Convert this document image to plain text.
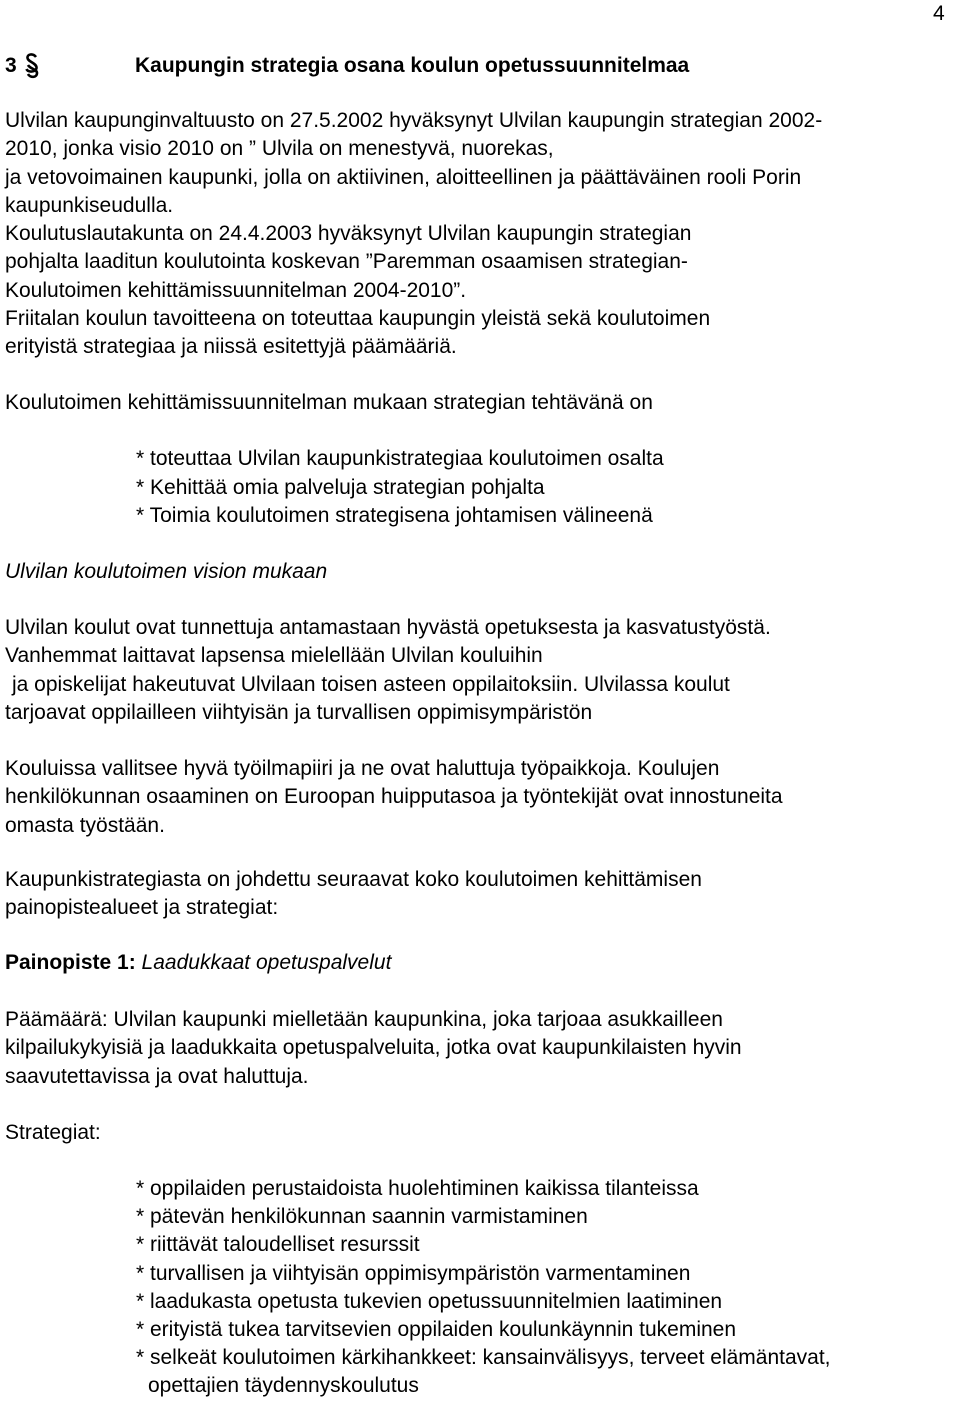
4
3	Kaupungin strategia osana koulun opetussuunnitelmaa
Ulvilan kaupunginvaltuusto on 27.5.2002 hyväksynyt Ulvilan kaupungin strategian 2002-
2010, jonka visio 2010 on ” Ulvila on menestyvä, nuorekas,
ja vetovoimainen kaupunki, jolla on aktiivinen, aloitteellinen ja päättäväinen rooli Porin
kaupunkiseudulla.
Koulutuslautakunta on 24.4.2003 hyväksynyt Ulvilan kaupungin strategian
pohjalta laaditun koulutointa koskevan ”Paremman osaamisen strategian-
Koulutoimen kehittämissuunnitelman 2004-2010”.
Friitalan koulun tavoitteena on toteuttaa kaupungin yleistä sekä koulutoimen
erityistä strategiaa ja niissä esitettyjä päämääriä.
Koulutoimen kehittämissuunnitelman mukaan strategian tehtävänä on
* toteuttaa Ulvilan kaupunkistrategiaa koulutoimen osalta
* Kehittää omia palveluja strategian pohjalta
* Toimia koulutoimen strategisena johtamisen välineenä
Ulvilan koulutoimen vision mukaan
Ulvilan koulut ovat tunnettuja antamastaan hyvästä opetuksesta ja kasvatustyöstä.
Vanhemmat laittavat lapsensa mielellään Ulvilan kouluihin
ja opiskelijat hakeutuvat Ulvilaan toisen asteen oppilaitoksiin. Ulvilassa koulut
tarjoavat oppilailleen viihtyisän ja turvallisen oppimisympäristön
Kouluissa vallitsee hyvä työilmapiiri ja ne ovat haluttuja työpaikkoja. Koulujen
henkilökunnan osaaminen on Euroopan huipputasoa ja työntekijät ovat innostuneita
omasta työstään.
Kaupunkistrategiasta on johdettu seuraavat koko koulutoimen kehittämisen
painopistealueet ja strategiat:
Painopiste 1: Laadukkaat opetuspalvelut
Päämäärä: Ulvilan kaupunki mielletään kaupunkina, joka tarjoaa asukkailleen
kilpailukykyisiä ja laadukkaita opetuspalveluita, jotka ovat kaupunkilaisten hyvin
saavutettavissa ja ovat haluttuja.
Strategiat:
* oppilaiden perustaidoista huolehtiminen kaikissa tilanteissa
* pätevän henkilökunnan saannin varmistaminen
* riittävät taloudelliset resurssit
* turvallisen ja viihtyisän oppimisympäristön varmentaminen
* laadukasta opetusta tukevien opetussuunnitelmien laatiminen
* erityistä tukea tarvitsevien oppilaiden koulunkäynnin tukeminen
* selkeät koulutoimen kärkihankkeet: kansainvälisyys, terveet elämäntavat,
opettajien täydennyskoulutus
